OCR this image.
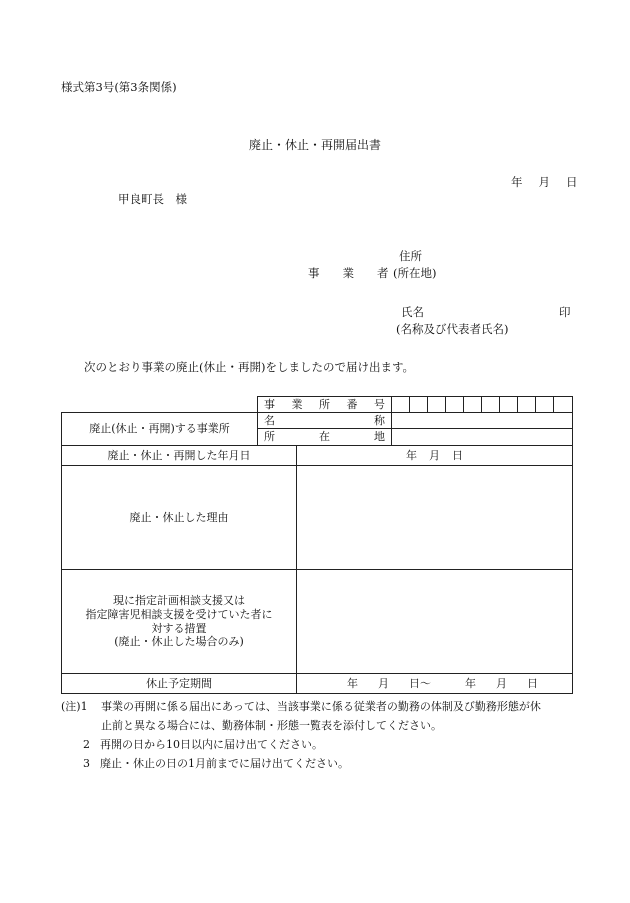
様式第3号(第3条関係)
廃止・休止・再開届出書
年 月 日
甲良町長　様
住所
事 業 者 (所在地)
氏名	印
(名称及び代表者氏名)
次のとおり事業の廃止(休止・再開)をしましたので届け出ます。

	事 業 所 番 号											

廃止(休止・再開)する事業所	名 称											

	所 在 地											

廃止・休止・再開した年月日		年 月 日										
廃止・休止した理由												

現に指定計画相談支援又は
指定障害児相談支援を受けていた者に
対する措置
(廃止・休止した場合のみ)												

休止予定期間		年 月 日〜 年 月 日										
(注)1 事業の再開に係る届出にあっては、当該事業に係る従業者の勤務の体制及び勤務形態が休
止前と異なる場合には、勤務体制・形態一覧表を添付してください。
2 再開の日から10日以内に届け出てください。
3 廃止・休止の日の1月前までに届け出てください。
